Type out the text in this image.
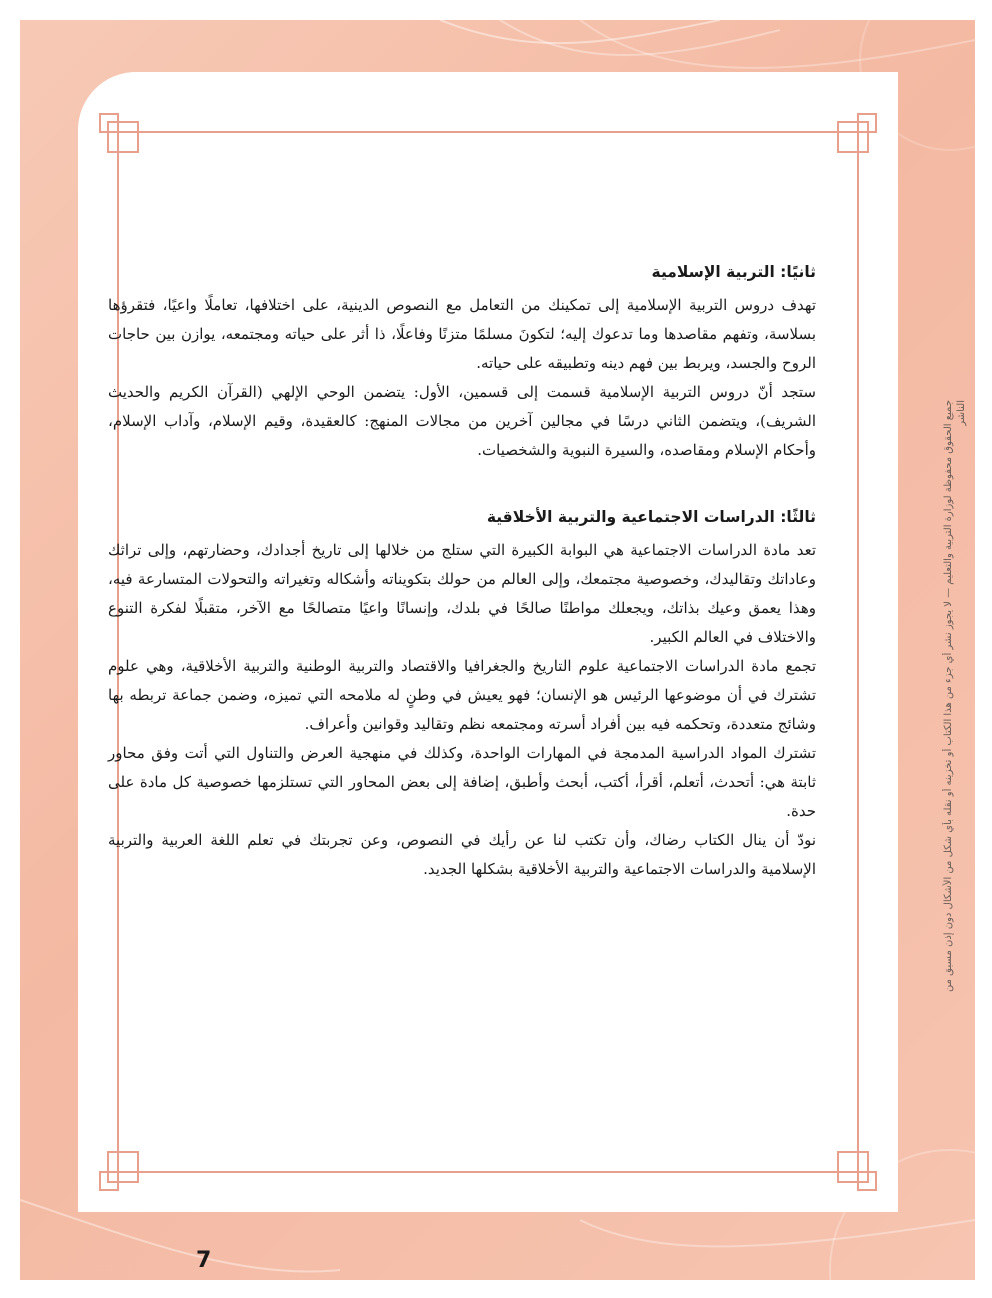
جميع الحقوق محفوظة لوزارة التربية والتعليم — لا يجوز نشر أي جزء من هذا الكتاب أو تخزينه أو نقله بأي شكل من الأشكال دون إذن مسبق من الناشر
ثانيًا: التربية الإسلامية

تهدف دروس التربية الإسلامية إلى تمكينك من التعامل مع النصوص الدينية، على اختلافها، تعاملًا واعيًا، فتقرؤها بسلاسة، وتفهم مقاصدها وما تدعوك إليه؛ لتكونَ مسلمًا متزنًا وفاعلًا، ذا أثر على حياته ومجتمعه، يوازن بين حاجات الروح والجسد، ويربط بين فهم دينه وتطبيقه على حياته.

ستجد أنّ دروس التربية الإسلامية قسمت إلى قسمين، الأول: يتضمن الوحي الإلهي (القرآن الكريم والحديث الشريف)، ويتضمن الثاني درسًا في مجالين آخرين من مجالات المنهج: كالعقيدة، وقيم الإسلام، وآداب الإسلام، وأحكام الإسلام ومقاصده، والسيرة النبوية والشخصيات.

ثالثًا: الدراسات الاجتماعية والتربية الأخلاقية

تعد مادة الدراسات الاجتماعية هي البوابة الكبيرة التي ستلج من خلالها إلى تاريخ أجدادك، وحضارتهم، وإلى تراثك وعاداتك وتقاليدك، وخصوصية مجتمعك، وإلى العالم من حولك بتكويناته وأشكاله وتغيراته والتحولات المتسارعة فيه، وهذا يعمق وعيك بذاتك، ويجعلك مواطنًا صالحًا في بلدك، وإنسانًا واعيًا متصالحًا مع الآخر، متقبلًا لفكرة التنوع والاختلاف في العالم الكبير.

تجمع مادة الدراسات الاجتماعية علوم التاريخ والجغرافيا والاقتصاد والتربية الوطنية والتربية الأخلاقية، وهي علوم تشترك في أن موضوعها الرئيس هو الإنسان؛ فهو يعيش في وطنٍ له ملامحه التي تميزه، وضمن جماعة تربطه بها وشائج متعددة، وتحكمه فيه بين أفراد أسرته ومجتمعه نظم وتقاليد وقوانين وأعراف.

تشترك المواد الدراسية المدمجة في المهارات الواحدة، وكذلك في منهجية العرض والتناول التي أتت وفق محاور ثابتة هي: أتحدث، أتعلم، أقرأ، أكتب، أبحث وأطبق، إضافة إلى بعض المحاور التي تستلزمها خصوصية كل مادة على حدة.

نودّ أن ينال الكتاب رضاك، وأن تكتب لنا عن رأيك في النصوص، وعن تجربتك في تعلم اللغة العربية والتربية الإسلامية والدراسات الاجتماعية والتربية الأخلاقية بشكلها الجديد.

7
